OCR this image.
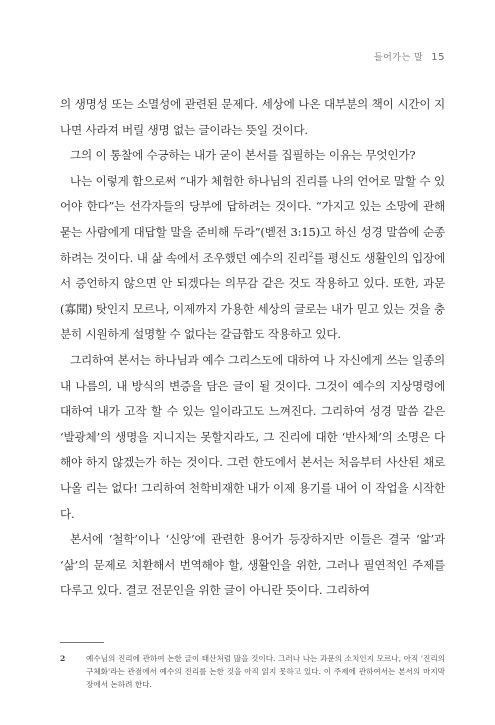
들어가는 말 15

의 생명성 또는 소멸성에 관련된 문제다. 세상에 나온 대부분의 책이 시간이 지나면 사라져 버릴 생명 없는 글이라는 뜻일 것이다.

그의 이 통찰에 수긍하는 내가 굳이 본서를 집필하는 이유는 무엇인가?

나는 이렇게 함으로써 “내가 체험한 하나님의 진리를 나의 언어로 말할 수 있어야 한다”는 선각자들의 당부에 답하려는 것이다. “가지고 있는 소망에 관해 묻는 사람에게 대답할 말을 준비해 두라”(벧전 3:15)고 하신 성경 말씀에 순종하려는 것이다. 내 삶 속에서 조우했던 예수의 진리$^2$를 평신도 생활인의 입장에서 증언하지 않으면 안 되겠다는 의무감 같은 것도 작용하고 있다. 또한, 과문(寡聞) 탓인지 모르나, 이제까지 가용한 세상의 글로는 내가 믿고 있는 것을 충분히 시원하게 설명할 수 없다는 갈급함도 작용하고 있다.

그리하여 본서는 하나님과 예수 그리스도에 대하여 나 자신에게 쓰는 일종의 내 나름의, 내 방식의 변증을 담은 글이 될 것이다. 그것이 예수의 지상명령에 대하여 내가 고작 할 수 있는 일이라고도 느껴진다. 그리하여 성경 말씀 같은 ‘발광체’의 생명을 지니지는 못할지라도, 그 진리에 대한 ‘반사체’의 소명은 다 해야 하지 않겠는가 하는 것이다. 그런 한도에서 본서는 처음부터 사산된 채로 나올 리는 없다! 그리하여 천학비재한 내가 이제 용기를 내어 이 작업을 시작한다.

본서에 ‘철학’이나 ‘신앙’에 관련한 용어가 등장하지만 이들은 결국 ‘앎’과 ‘삶’의 문제로 치환해서 번역해야 할, 생활인을 위한, 그러나 필연적인 주제를 다루고 있다. 결코 전문인을 위한 글이 아니란 뜻이다. 그리하여

2	예수님의 진리에 관하여 논한 글이 태산처럼 많을 것이다. 그러나 나는 과문의 소치인지 모르나, 아직 '진리의 구체화'라는 관점에서 예수의 진리를 논한 것을 아직 읽지 못하고 있다. 이 주제에 관하여서는 본서의 마지막 장에서 논하려 한다.
